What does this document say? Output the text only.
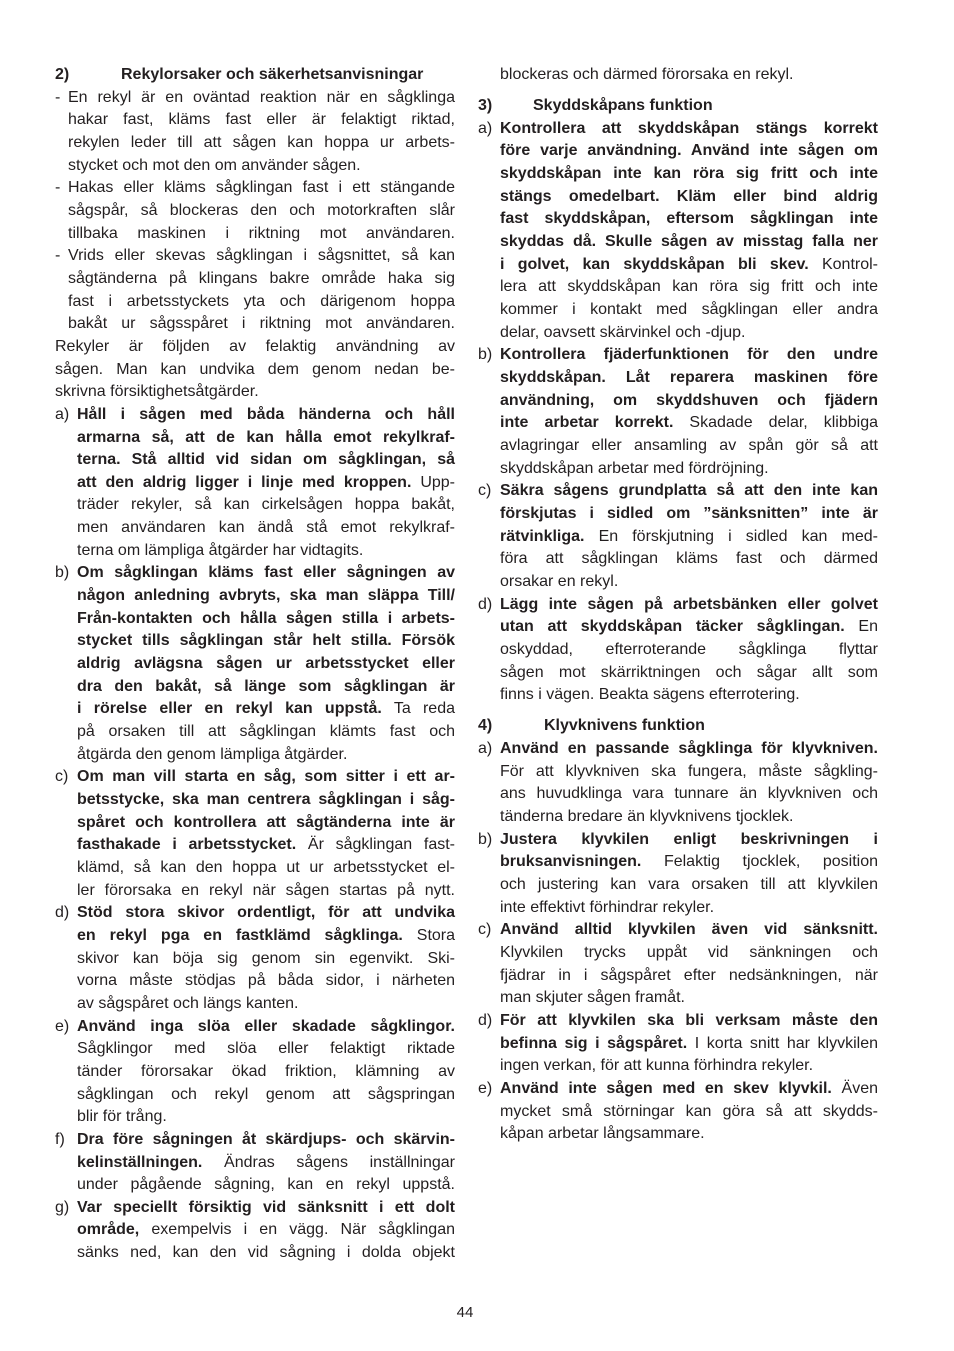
2)	Rekylorsaker och säkerhetsanvisningar
- En rekyl är en oväntad reaktion när en sågklinga
hakar fast, kläms fast eller är felaktigt riktad,
rekylen leder till att sågen kan hoppa ur arbets-
stycket och mot den om använder sågen.
- Hakas eller kläms sågklingan fast i ett stängande
sågspår, så blockeras den och motorkraften slår
tillbaka maskinen i riktning mot användaren.
- Vrids eller skevas sågklingan i sågsnittet, så kan
sågtänderna på klingans bakre område haka sig
fast i arbetsstyckets yta och därigenom hoppa
bakåt ur sågsspåret i riktning mot användaren.
Rekyler är följden av felaktig användning av
sågen. Man kan undvika dem genom nedan be-
skrivna försiktighetsåtgärder.
a) Håll i sågen med båda händerna och håll
armarna så, att de kan hålla emot rekylkraf-
terna. Stå alltid vid sidan om sågklingan, så
att den aldrig ligger i linje med kroppen. Upp-
träder rekyler, så kan cirkelsågen hoppa bakåt,
men användaren kan ändå stå emot rekylkraf-
terna om lämpliga åtgärder har vidtagits.
b) Om sågklingan kläms fast eller sågningen av
någon anledning avbryts, ska man släppa Till/
Från-kontakten och hålla sågen stilla i arbets-
stycket tills sågklingan står helt stilla. Försök
aldrig avlägsna sågen ur arbetsstycket eller
dra den bakåt, så länge som sågklingan är
i rörelse eller en rekyl kan uppstå. Ta reda
på orsaken till att sågklingan klämts fast och
åtgärda den genom lämpliga åtgärder.
c) Om man vill starta en såg, som sitter i ett ar-
betsstycke, ska man centrera sågklingan i såg-
spåret och kontrollera att sågtänderna inte är
fasthakade i arbetsstycket. Är sågklingan fast-
klämd, så kan den hoppa ut ur arbetsstycket el-
ler förorsaka en rekyl när sågen startas på nytt.
d) Stöd stora skivor ordentligt, för att undvika
en rekyl pga en fastklämd sågklinga. Stora
skivor kan böja sig genom sin egenvikt. Ski-
vorna måste stödjas på båda sidor, i närheten
av sågspåret och längs kanten.
e) Använd inga slöa eller skadade sågklingor.
Sågklingor med slöa eller felaktigt riktade
tänder förorsakar ökad friktion, klämning av
sågklingan och rekyl genom att sågspringan
blir för trång.
f) Dra före sågningen åt skärdjups- och skärvin-
kelinställningen. Ändras sågens inställningar
under pågående sågning, kan en rekyl uppstå.
g) Var speciellt försiktig vid sänksnitt i ett dolt
område, exempelvis i en vägg. När sågklingan
sänks ned, kan den vid sågning i dolda objekt
blockeras och därmed förorsaka en rekyl.
3)	Skyddskåpans funktion
a) Kontrollera att skyddskåpan stängs korrekt
före varje användning. Använd inte sågen om
skyddskåpan inte kan röra sig fritt och inte
stängs omedelbart. Kläm eller bind aldrig
fast skyddskåpan, eftersom sågklingan inte
skyddas då. Skulle sågen av misstag falla ner
i golvet, kan skyddskåpan bli skev. Kontrol-
lera att skyddskåpan kan röra sig fritt och inte
kommer i kontakt med sågklingan eller andra
delar, oavsett skärvinkel och -djup.
b) Kontrollera fjäderfunktionen för den undre
skyddskåpan. Låt reparera maskinen före
användning, om skyddshuven och fjädern
inte arbetar korrekt. Skadade delar, klibbiga
avlagringar eller ansamling av spån gör så att
skyddskåpan arbetar med fördröjning.
c) Säkra sågens grundplatta så att den inte kan
förskjutas i sidled om ”sänksnitten” inte är
rätvinkliga. En förskjutning i sidled kan med-
föra att sågklingan kläms fast och därmed
orsakar en rekyl.
d) Lägg inte sågen på arbetsbänken eller golvet
utan att skyddskåpan täcker sågklingan. En
oskyddad, efterroterande sågklinga flyttar
sågen mot skärriktningen och sågar allt som
finns i vägen. Beakta sägens efterrotering.
4)	Klyvknivens funktion
a) Använd en passande sågklinga för klyvkniven.
För att klyvkniven ska fungera, måste sågkling-
ans huvudklinga vara tunnare än klyvkniven och
tänderna bredare än klyvknivens tjocklek.
b) Justera klyvkilen enligt beskrivningen i
bruksanvisningen. Felaktig tjocklek, position
och justering kan vara orsaken till att klyvkilen
inte effektivt förhindrar rekyler.
c) Använd alltid klyvkilen även vid sänksnitt.
Klyvkilen trycks uppåt vid sänkningen och
fjädrar in i sågspåret efter nedsänkningen, när
man skjuter sågen framåt.
d) För att klyvkilen ska bli verksam måste den
befinna sig i sågspåret. I korta snitt har klyvkilen
ingen verkan, för att kunna förhindra rekyler.
e) Använd inte sågen med en skev klyvkil. Även
mycket små störningar kan göra så att skydds-
kåpan arbetar långsammare.
44
